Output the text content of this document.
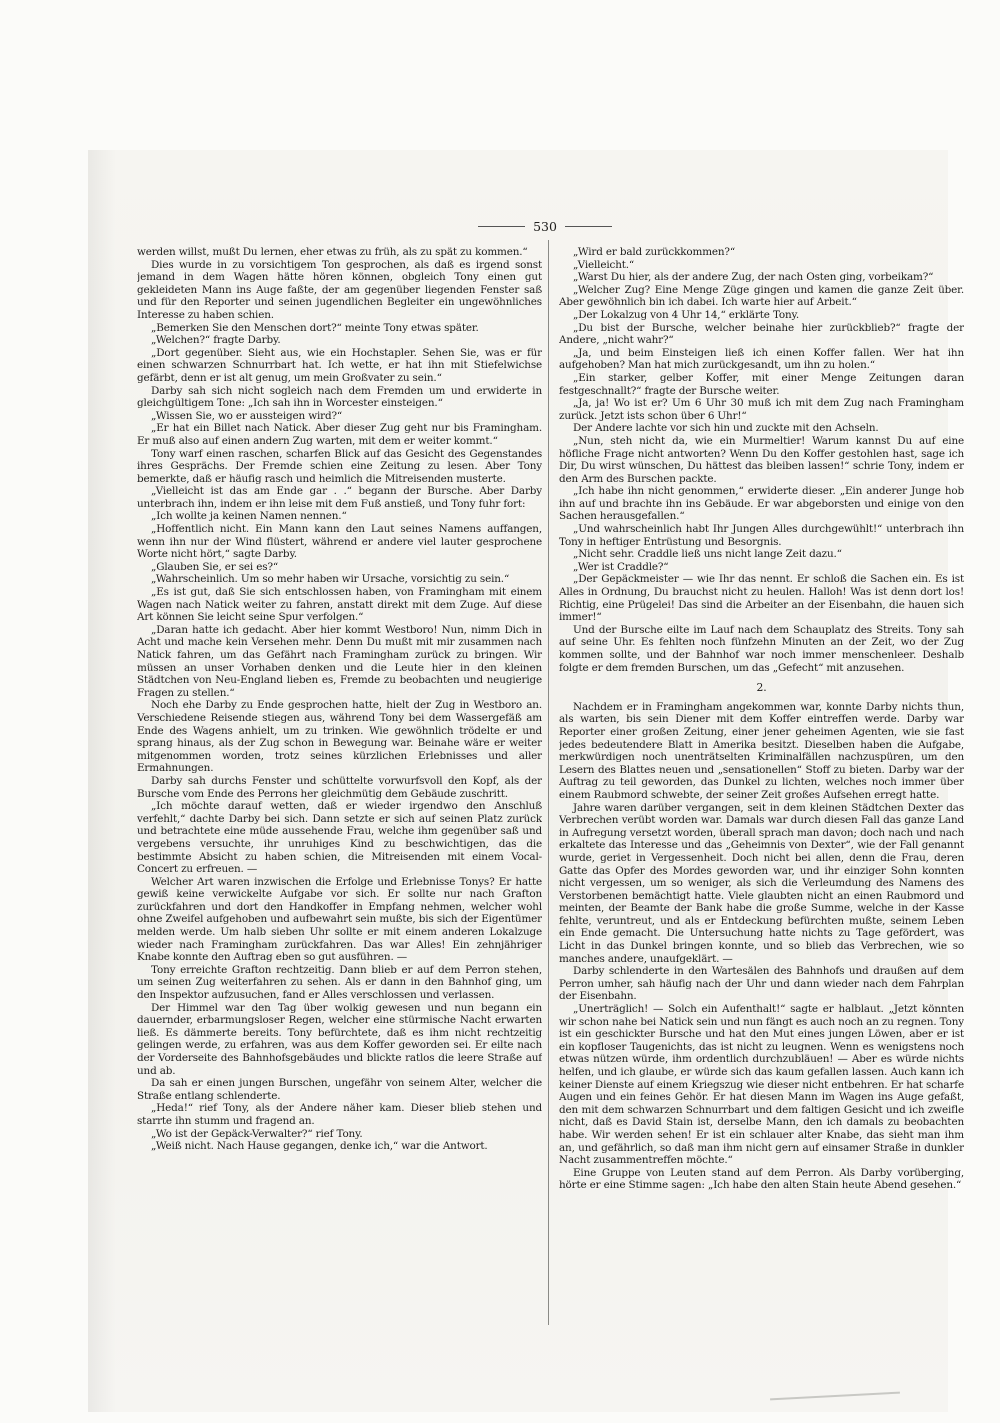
530

werden willst, mußt Du lernen, eher etwas zu früh, als zu spät zu kommen.“

Dies wurde in zu vorsichtigem Ton gesprochen, als daß es irgend sonst jemand in dem Wagen hätte hören können, obgleich Tony einen gut gekleideten Mann ins Auge faßte, der am gegenüber liegenden Fenster saß und für den Reporter und seinen jugendlichen Begleiter ein ungewöhnliches Interesse zu haben schien.

„Bemerken Sie den Menschen dort?“ meinte Tony etwas später.

„Welchen?“ fragte Darby.

„Dort gegenüber. Sieht aus, wie ein Hochstapler. Sehen Sie, was er für einen schwarzen Schnurrbart hat. Ich wette, er hat ihn mit Stiefelwichse gefärbt, denn er ist alt genug, um mein Großvater zu sein.“

Darby sah sich nicht sogleich nach dem Fremden um und erwiderte in gleichgültigem Tone: „Ich sah ihn in Worcester einsteigen.“

„Wissen Sie, wo er aussteigen wird?“

„Er hat ein Billet nach Natick. Aber dieser Zug geht nur bis Framingham. Er muß also auf einen andern Zug warten, mit dem er weiter kommt.“

Tony warf einen raschen, scharfen Blick auf das Gesicht des Gegenstandes ihres Gesprächs. Der Fremde schien eine Zeitung zu lesen. Aber Tony bemerkte, daß er häufig rasch und heimlich die Mitreisenden musterte.

„Vielleicht ist das am Ende gar . .“ begann der Bursche. Aber Darby unterbrach ihn, indem er ihn leise mit dem Fuß anstieß, und Tony fuhr fort:

„Ich wollte ja keinen Namen nennen.“

„Hoffentlich nicht. Ein Mann kann den Laut seines Namens auffangen, wenn ihn nur der Wind flüstert, während er andere viel lauter gesprochene Worte nicht hört,“ sagte Darby.

„Glauben Sie, er sei es?“

„Wahrscheinlich. Um so mehr haben wir Ursache, vorsichtig zu sein.“

„Es ist gut, daß Sie sich entschlossen haben, von Framingham mit einem Wagen nach Natick weiter zu fahren, anstatt direkt mit dem Zuge. Auf diese Art können Sie leicht seine Spur verfolgen.“

„Daran hatte ich gedacht. Aber hier kommt Westboro! Nun, nimm Dich in Acht und mache kein Versehen mehr. Denn Du mußt mit mir zusammen nach Natick fahren, um das Gefährt nach Framingham zurück zu bringen. Wir müssen an unser Vorhaben denken und die Leute hier in den kleinen Städtchen von Neu-England lieben es, Fremde zu beobachten und neugierige Fragen zu stellen.“

Noch ehe Darby zu Ende gesprochen hatte, hielt der Zug in Westboro an. Verschiedene Reisende stiegen aus, während Tony bei dem Wassergefäß am Ende des Wagens anhielt, um zu trinken. Wie gewöhnlich trödelte er und sprang hinaus, als der Zug schon in Bewegung war. Beinahe wäre er weiter mitgenommen worden, trotz seines kürzlichen Erlebnisses und aller Ermahnungen.

Darby sah durchs Fenster und schüttelte vorwurfsvoll den Kopf, als der Bursche vom Ende des Perrons her gleichmütig dem Gebäude zuschritt.

„Ich möchte darauf wetten, daß er wieder irgendwo den Anschluß verfehlt,“ dachte Darby bei sich. Dann setzte er sich auf seinen Platz zurück und betrachtete eine müde aussehende Frau, welche ihm gegenüber saß und vergebens versuchte, ihr unruhiges Kind zu beschwichtigen, das die bestimmte Absicht zu haben schien, die Mitreisenden mit einem Vocal-Concert zu erfreuen. —

Welcher Art waren inzwischen die Erfolge und Erlebnisse Tonys? Er hatte gewiß keine verwickelte Aufgabe vor sich. Er sollte nur nach Grafton zurückfahren und dort den Handkoffer in Empfang nehmen, welcher wohl ohne Zweifel aufgehoben und aufbewahrt sein mußte, bis sich der Eigentümer melden werde. Um halb sieben Uhr sollte er mit einem anderen Lokalzuge wieder nach Framingham zurückfahren. Das war Alles! Ein zehnjähriger Knabe konnte den Auftrag eben so gut ausführen. —

Tony erreichte Grafton rechtzeitig. Dann blieb er auf dem Perron stehen, um seinen Zug weiterfahren zu sehen. Als er dann in den Bahnhof ging, um den Inspektor aufzusuchen, fand er Alles verschlossen und verlassen.

Der Himmel war den Tag über wolkig gewesen und nun begann ein dauernder, erbarmungsloser Regen, welcher eine stürmische Nacht erwarten ließ. Es dämmerte bereits. Tony befürchtete, daß es ihm nicht rechtzeitig gelingen werde, zu erfahren, was aus dem Koffer geworden sei. Er eilte nach der Vorderseite des Bahnhofsgebäudes und blickte ratlos die leere Straße auf und ab.

Da sah er einen jungen Burschen, ungefähr von seinem Alter, welcher die Straße entlang schlenderte.

„Heda!“ rief Tony, als der Andere näher kam. Dieser blieb stehen und starrte ihn stumm und fragend an.

„Wo ist der Gepäck-Verwalter?“ rief Tony.

„Weiß nicht. Nach Hause gegangen, denke ich,“ war die Antwort.

„Wird er bald zurückkommen?“

„Vielleicht.“

„Warst Du hier, als der andere Zug, der nach Osten ging, vorbeikam?“

„Welcher Zug? Eine Menge Züge gingen und kamen die ganze Zeit über. Aber gewöhnlich bin ich dabei. Ich warte hier auf Arbeit.“

„Der Lokalzug von 4 Uhr 14,“ erklärte Tony.

„Du bist der Bursche, welcher beinahe hier zurückblieb?“ fragte der Andere, „nicht wahr?“

„Ja, und beim Einsteigen ließ ich einen Koffer fallen. Wer hat ihn aufgehoben? Man hat mich zurückgesandt, um ihn zu holen.“

„Ein starker, gelber Koffer, mit einer Menge Zeitungen daran festgeschnallt?“ fragte der Bursche weiter.

„Ja, ja! Wo ist er? Um 6 Uhr 30 muß ich mit dem Zug nach Framingham zurück. Jetzt ists schon über 6 Uhr!“

Der Andere lachte vor sich hin und zuckte mit den Achseln.

„Nun, steh nicht da, wie ein Murmeltier! Warum kannst Du auf eine höfliche Frage nicht antworten? Wenn Du den Koffer gestohlen hast, sage ich Dir, Du wirst wünschen, Du hättest das bleiben lassen!“ schrie Tony, indem er den Arm des Burschen packte.

„Ich habe ihn nicht genommen,“ erwiderte dieser. „Ein anderer Junge hob ihn auf und brachte ihn ins Gebäude. Er war abgeborsten und einige von den Sachen herausgefallen.“

„Und wahrscheinlich habt Ihr Jungen Alles durchgewühlt!“ unterbrach ihn Tony in heftiger Entrüstung und Besorgnis.

„Nicht sehr. Craddle ließ uns nicht lange Zeit dazu.“

„Wer ist Craddle?“

„Der Gepäckmeister — wie Ihr das nennt. Er schloß die Sachen ein. Es ist Alles in Ordnung, Du brauchst nicht zu heulen. Halloh! Was ist denn dort los! Richtig, eine Prügelei! Das sind die Arbeiter an der Eisenbahn, die hauen sich immer!“

Und der Bursche eilte im Lauf nach dem Schauplatz des Streits. Tony sah auf seine Uhr. Es fehlten noch fünfzehn Minuten an der Zeit, wo der Zug kommen sollte, und der Bahnhof war noch immer menschenleer. Deshalb folgte er dem fremden Burschen, um das „Gefecht“ mit anzusehen.

2.

Nachdem er in Framingham angekommen war, konnte Darby nichts thun, als warten, bis sein Diener mit dem Koffer eintreffen werde. Darby war Reporter einer großen Zeitung, einer jener geheimen Agenten, wie sie fast jedes bedeutendere Blatt in Amerika besitzt. Dieselben haben die Aufgabe, merkwürdigen noch unenträtselten Kriminalfällen nachzuspüren, um den Lesern des Blattes neuen und „sensationellen“ Stoff zu bieten. Darby war der Auftrag zu teil geworden, das Dunkel zu lichten, welches noch immer über einem Raubmord schwebte, der seiner Zeit großes Aufsehen erregt hatte.

Jahre waren darüber vergangen, seit in dem kleinen Städtchen Dexter das Verbrechen verübt worden war. Damals war durch diesen Fall das ganze Land in Aufregung versetzt worden, überall sprach man davon; doch nach und nach erkaltete das Interesse und das „Geheimnis von Dexter“, wie der Fall genannt wurde, geriet in Vergessenheit. Doch nicht bei allen, denn die Frau, deren Gatte das Opfer des Mordes geworden war, und ihr einziger Sohn konnten nicht vergessen, um so weniger, als sich die Verleumdung des Namens des Verstorbenen bemächtigt hatte. Viele glaubten nicht an einen Raubmord und meinten, der Beamte der Bank habe die große Summe, welche in der Kasse fehlte, veruntreut, und als er Entdeckung befürchten mußte, seinem Leben ein Ende gemacht. Die Untersuchung hatte nichts zu Tage gefördert, was Licht in das Dunkel bringen konnte, und so blieb das Verbrechen, wie so manches andere, unaufgeklärt. —

Darby schlenderte in den Wartesälen des Bahnhofs und draußen auf dem Perron umher, sah häufig nach der Uhr und dann wieder nach dem Fahrplan der Eisenbahn.

„Unerträglich! — Solch ein Aufenthalt!“ sagte er halblaut. „Jetzt könnten wir schon nahe bei Natick sein und nun fängt es auch noch an zu regnen. Tony ist ein geschickter Bursche und hat den Mut eines jungen Löwen, aber er ist ein kopfloser Taugenichts, das ist nicht zu leugnen. Wenn es wenigstens noch etwas nützen würde, ihm ordentlich durchzubläuen! — Aber es würde nichts helfen, und ich glaube, er würde sich das kaum gefallen lassen. Auch kann ich keiner Dienste auf einem Kriegszug wie dieser nicht entbehren. Er hat scharfe Augen und ein feines Gehör. Er hat diesen Mann im Wagen ins Auge gefaßt, den mit dem schwarzen Schnurrbart und dem faltigen Gesicht und ich zweifle nicht, daß es David Stain ist, derselbe Mann, den ich damals zu beobachten habe. Wir werden sehen! Er ist ein schlauer alter Knabe, das sieht man ihm an, und gefährlich, so daß man ihm nicht gern auf einsamer Straße in dunkler Nacht zusammentreffen möchte.“

Eine Gruppe von Leuten stand auf dem Perron. Als Darby vorüberging, hörte er eine Stimme sagen: „Ich habe den alten Stain heute Abend gesehen.“
